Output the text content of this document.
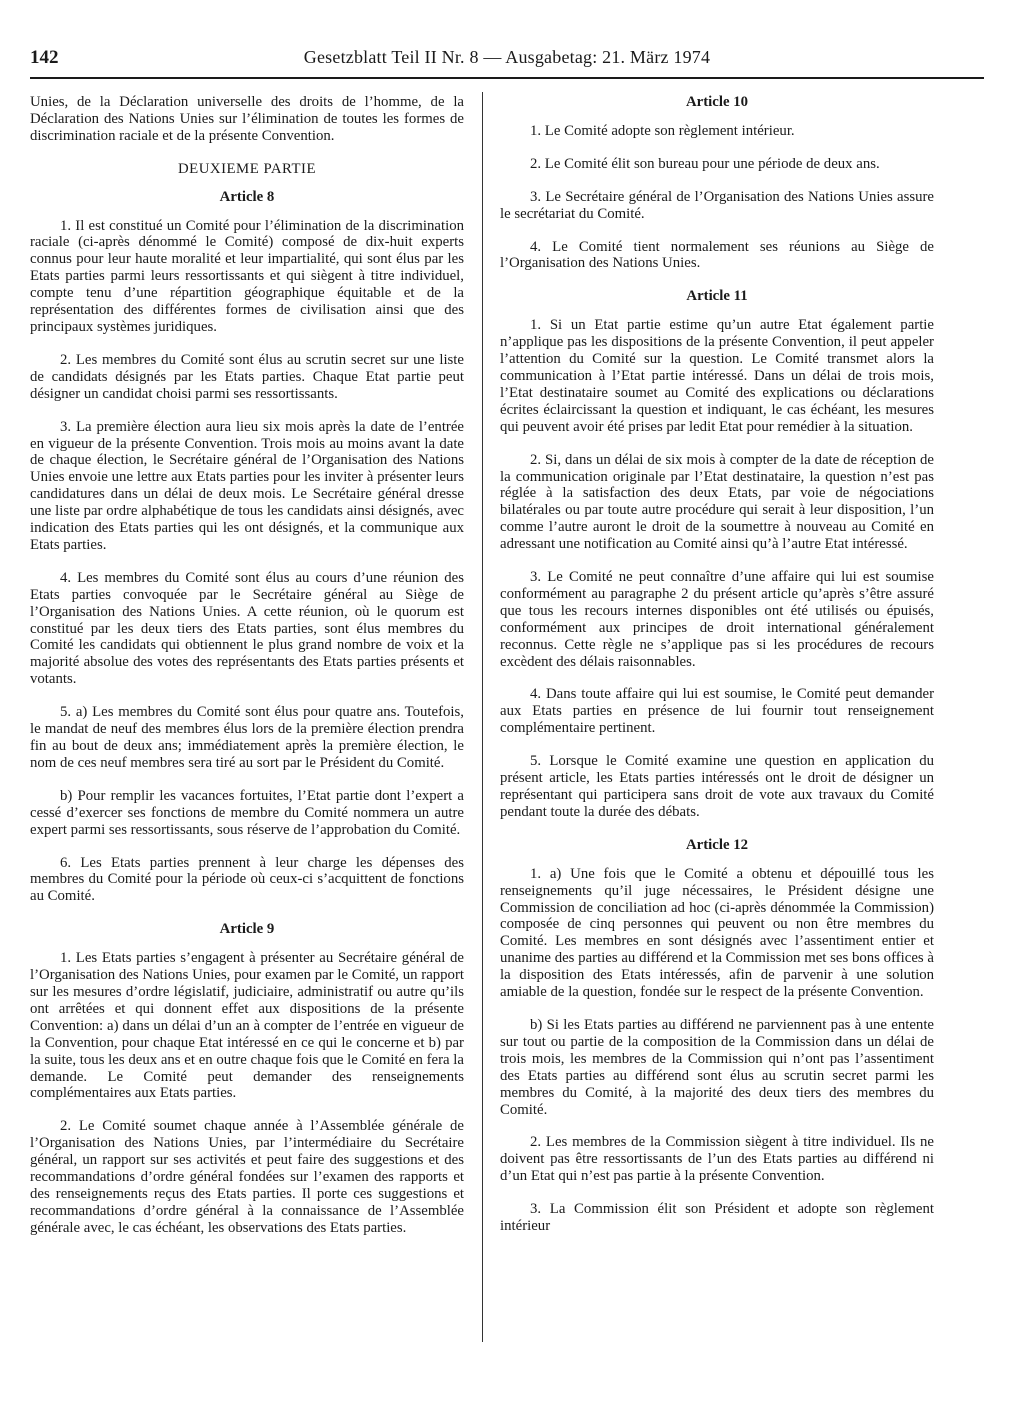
142	Gesetzblatt Teil II Nr. 8 — Ausgabetag: 21. März 1974

Unies, de la Déclaration universelle des droits de l’homme, de la Déclaration des Nations Unies sur l’élimination de toutes les formes de discrimination raciale et de la présente Convention.

DEUXIEME PARTIE
Article 8

1. Il est constitué un Comité pour l’élimination de la discrimination raciale (ci-après dénommé le Comité) composé de dix-huit experts connus pour leur haute moralité et leur impartialité, qui sont élus par les Etats parties parmi leurs ressortissants et qui siègent à titre individuel, compte tenu d’une répartition géographique équitable et de la représentation des différentes formes de civilisation ainsi que des principaux systèmes juridiques.

2. Les membres du Comité sont élus au scrutin secret sur une liste de candidats désignés par les Etats parties. Chaque Etat partie peut désigner un candidat choisi parmi ses ressortissants.

3. La première élection aura lieu six mois après la date de l’entrée en vigueur de la présente Convention. Trois mois au moins avant la date de chaque élection, le Secrétaire général de l’Organisation des Nations Unies envoie une lettre aux Etats parties pour les inviter à présenter leurs candidatures dans un délai de deux mois. Le Secrétaire général dresse une liste par ordre alphabétique de tous les candidats ainsi désignés, avec indication des Etats parties qui les ont désignés, et la communique aux Etats parties.

4. Les membres du Comité sont élus au cours d’une réunion des Etats parties convoquée par le Secrétaire général au Siège de l’Organisation des Nations Unies. A cette réunion, où le quorum est constitué par les deux tiers des Etats parties, sont élus membres du Comité les candidats qui obtiennent le plus grand nombre de voix et la majorité absolue des votes des représentants des Etats parties présents et votants.

5. a) Les membres du Comité sont élus pour quatre ans. Toutefois, le mandat de neuf des membres élus lors de la première élection prendra fin au bout de deux ans; immédiatement après la première élection, le nom de ces neuf membres sera tiré au sort par le Président du Comité.

b) Pour remplir les vacances fortuites, l’Etat partie dont l’expert a cessé d’exercer ses fonctions de membre du Comité nommera un autre expert parmi ses ressortissants, sous réserve de l’approbation du Comité.

6. Les Etats parties prennent à leur charge les dépenses des membres du Comité pour la période où ceux-ci s’acquittent de fonctions au Comité.

Article 9

1. Les Etats parties s’engagent à présenter au Secrétaire général de l’Organisation des Nations Unies, pour examen par le Comité, un rapport sur les mesures d’ordre législatif, judiciaire, administratif ou autre qu’ils ont arrêtées et qui donnent effet aux dispositions de la présente Convention: a) dans un délai d’un an à compter de l’entrée en vigueur de la Convention, pour chaque Etat intéressé en ce qui le concerne et b) par la suite, tous les deux ans et en outre chaque fois que le Comité en fera la demande. Le Comité peut demander des renseignements complémentaires aux Etats parties.

2. Le Comité soumet chaque année à l’Assemblée générale de l’Organisation des Nations Unies, par l’intermédiaire du Secrétaire général, un rapport sur ses activités et peut faire des suggestions et des recommandations d’ordre général fondées sur l’examen des rapports et des renseignements reçus des Etats parties. Il porte ces suggestions et recommandations d’ordre général à la connaissance de l’Assemblée générale avec, le cas échéant, les observations des Etats parties.

Article 10

1. Le Comité adopte son règlement intérieur.

2. Le Comité élit son bureau pour une période de deux ans.

3. Le Secrétaire général de l’Organisation des Nations Unies assure le secrétariat du Comité.

4. Le Comité tient normalement ses réunions au Siège de l’Organisation des Nations Unies.

Article 11

1. Si un Etat partie estime qu’un autre Etat également partie n’applique pas les dispositions de la présente Convention, il peut appeler l’attention du Comité sur la question. Le Comité transmet alors la communication à l’Etat partie intéressé. Dans un délai de trois mois, l’Etat destinataire soumet au Comité des explications ou déclarations écrites éclaircissant la question et indiquant, le cas échéant, les mesures qui peuvent avoir été prises par ledit Etat pour remédier à la situation.

2. Si, dans un délai de six mois à compter de la date de réception de la communication originale par l’Etat destinataire, la question n’est pas réglée à la satisfaction des deux Etats, par voie de négociations bilatérales ou par toute autre procédure qui serait à leur disposition, l’un comme l’autre auront le droit de la soumettre à nouveau au Comité en adressant une notification au Comité ainsi qu’à l’autre Etat intéressé.

3. Le Comité ne peut connaître d’une affaire qui lui est soumise conformément au paragraphe 2 du présent article qu’après s’être assuré que tous les recours internes disponibles ont été utilisés ou épuisés, conformément aux principes de droit international généralement reconnus. Cette règle ne s’applique pas si les procédures de recours excèdent des délais raisonnables.

4. Dans toute affaire qui lui est soumise, le Comité peut demander aux Etats parties en présence de lui fournir tout renseignement complémentaire pertinent.

5. Lorsque le Comité examine une question en application du présent article, les Etats parties intéressés ont le droit de désigner un représentant qui participera sans droit de vote aux travaux du Comité pendant toute la durée des débats.

Article 12

1. a) Une fois que le Comité a obtenu et dépouillé tous les renseignements qu’il juge nécessaires, le Président désigne une Commission de conciliation ad hoc (ci-après dénommée la Commission) composée de cinq personnes qui peuvent ou non être membres du Comité. Les membres en sont désignés avec l’assentiment entier et unanime des parties au différend et la Commission met ses bons offices à la disposition des Etats intéressés, afin de parvenir à une solution amiable de la question, fondée sur le respect de la présente Convention.

b) Si les Etats parties au différend ne parviennent pas à une entente sur tout ou partie de la composition de la Commission dans un délai de trois mois, les membres de la Commission qui n’ont pas l’assentiment des Etats parties au différend sont élus au scrutin secret parmi les membres du Comité, à la majorité des deux tiers des membres du Comité.

2. Les membres de la Commission siègent à titre individuel. Ils ne doivent pas être ressortissants de l’un des Etats parties au différend ni d’un Etat qui n’est pas partie à la présente Convention.

3. La Commission élit son Président et adopte son règlement intérieur
